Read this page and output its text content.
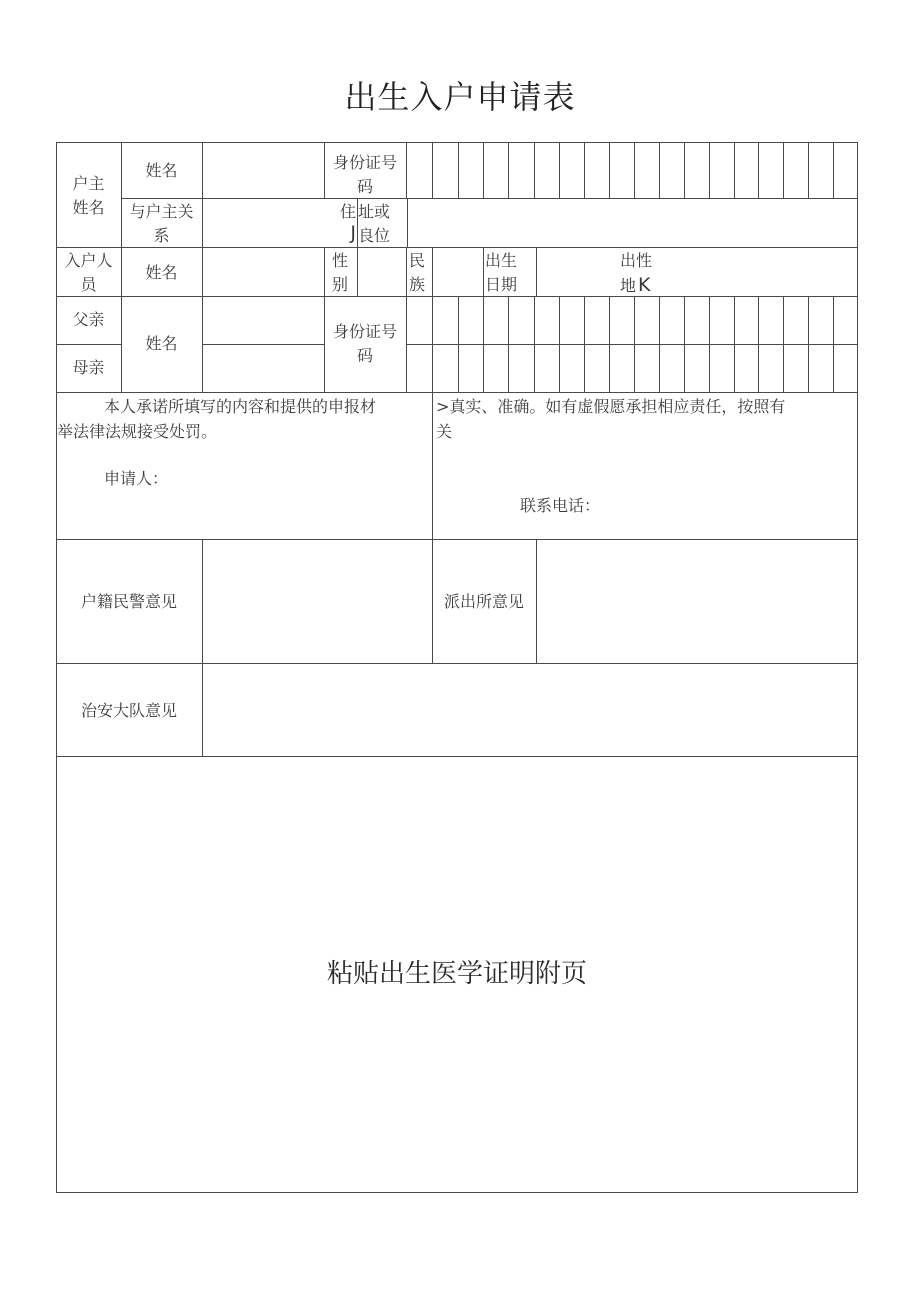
出生入户申请表
户主
姓名
姓名	身份证号
码
与户主关
系
住
J
址或
良位
入户人
员
姓名
性
别
民
族
出生
日期
出性
地 K
父亲
母亲
姓名
身份证号
码
本人承诺所填写的内容和提供的申报材
举法律法规接受处罚。
>真实、准确。如有虚假愿承担相应责任，按照有
关
申请人：
联系电话：
户籍民警意见	派出所意见
治安大队意见
粘贴出生医学证明附页
